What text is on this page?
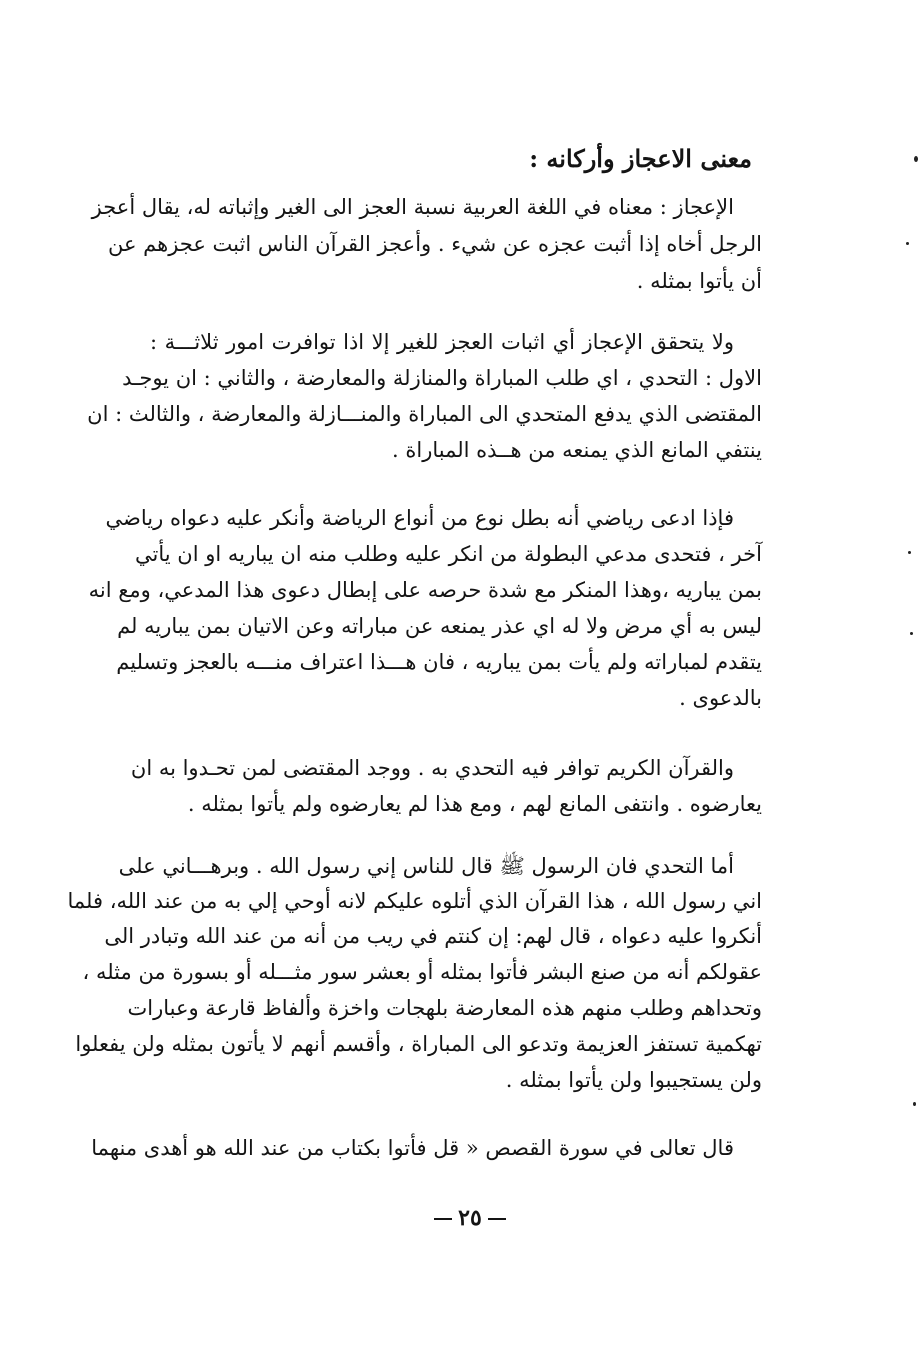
معنى الاعجاز وأركانه :
الإعجاز : معناه في اللغة العربية نسبة العجز الى الغير وإثباته له، يقال أعجز
الرجل أخاه إذا أثبت عجزه عن شيء . وأعجز القرآن الناس اثبت عجزهم عن
أن يأتوا بمثله .
ولا يتحقق الإعجاز أي اثبات العجز للغير إلا اذا توافرت امور ثلاثـــة :
الاول : التحدي ، اي طلب المباراة والمنازلة والمعارضة ، والثاني : ان يوجـد
المقتضى الذي يدفع المتحدي الى المباراة والمنـــازلة والمعارضة ، والثالث : ان
ينتفي المانع الذي يمنعه من هــذه المباراة .
فإذا ادعى رياضي أنه بطل نوع من أنواع الرياضة وأنكر عليه دعواه رياضي
آخر ، فتحدى مدعي البطولة من انكر عليه وطلب منه ان يباريه او ان يأتي
بمن يباريه ،وهذا المنكر مع شدة حرصه على إبطال دعوى هذا المدعي، ومع انه
ليس به أي مرض ولا له اي عذر يمنعه عن مباراته وعن الاتيان بمن يباريه لم
يتقدم لمباراته ولم يأت بمن يباريه ، فان هـــذا اعتراف منـــه بالعجز وتسليم
بالدعوى .
والقرآن الكريم توافر فيه التحدي به . ووجد المقتضى لمن تحـدوا به ان
يعارضوه . وانتفى المانع لهم ، ومع هذا لم يعارضوه ولم يأتوا بمثله .
أما التحدي فان الرسول ﷺ قال للناس إني رسول الله . وبرهـــاني على
اني رسول الله ، هذا القرآن الذي أتلوه عليكم لانه أوحي إلي به من عند الله، فلما
أنكروا عليه دعواه ، قال لهم: إن كنتم في ريب من أنه من عند الله وتبادر الى
عقولكم أنه من صنع البشر فأتوا بمثله أو بعشر سور مثـــله أو بسورة من مثله ،
وتحداهم وطلب منهم هذه المعارضة بلهجات واخزة وألفاظ قارعة وعبارات
تهكمية تستفز العزيمة وتدعو الى المباراة ، وأقسم أنهم لا يأتون بمثله ولن يفعلوا
ولن يستجيبوا ولن يأتوا بمثله .
قال تعالى في سورة القصص « قل فأتوا بكتاب من عند الله هو أهدى منهما
٢٥
